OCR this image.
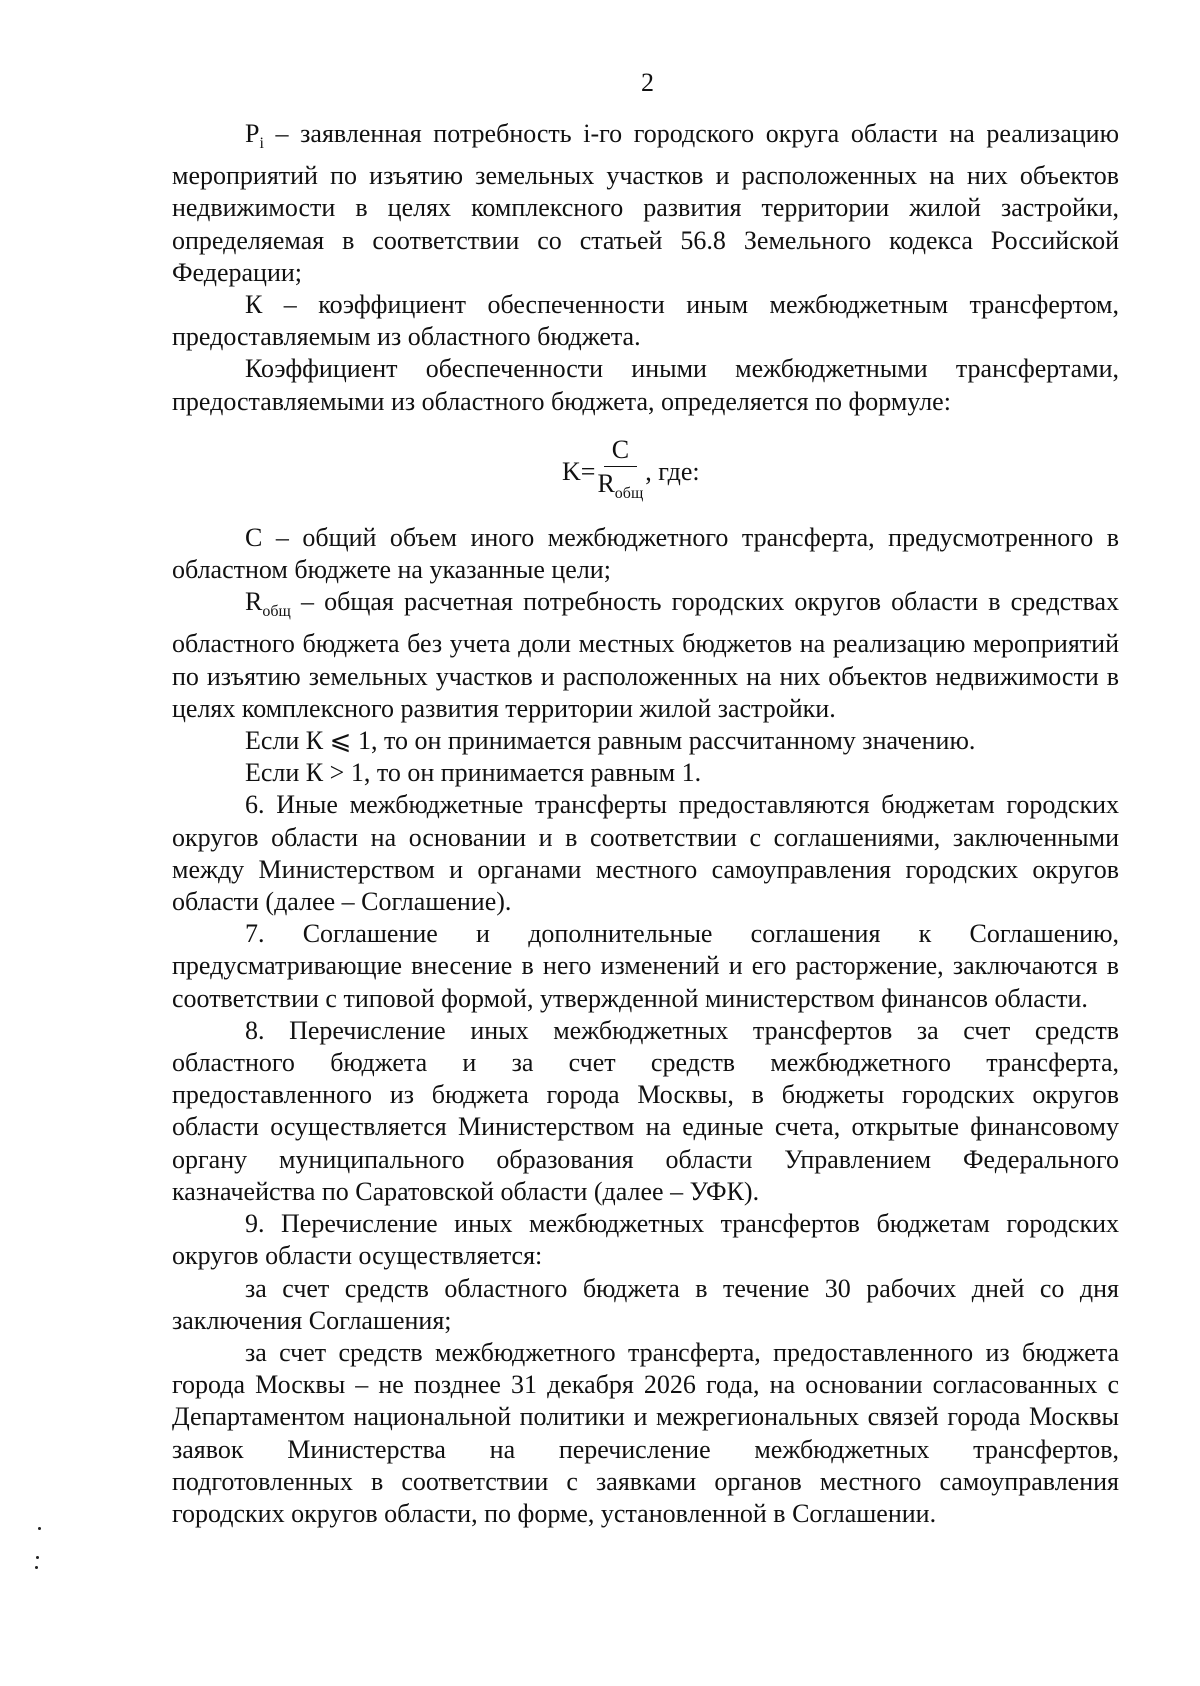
2

$P_i$ – заявленная потребность i-го городского округа области на реализацию мероприятий по изъятию земельных участков и расположенных на них объектов недвижимости в целях комплексного развития территории жилой застройки, определяемая в соответствии со статьей 56.8 Земельного кодекса Российской Федерации;

К – коэффициент обеспеченности иным межбюджетным трансфертом, предоставляемым из областного бюджета.

Коэффициент обеспеченности иными межбюджетными трансфертами, предоставляемыми из областного бюджета, определяется по формуле:

$K= \frac{C}{R_{общ}}$ , где:

С – общий объем иного межбюджетного трансферта, предусмотренного в областном бюджете на указанные цели;

$R_{общ}$ – общая расчетная потребность городских округов области в средствах областного бюджета без учета доли местных бюджетов на реализацию мероприятий по изъятию земельных участков и расположенных на них объектов недвижимости в целях комплексного развития территории жилой застройки.

Если К ⩽ 1, то он принимается равным рассчитанному значению.

Если К > 1, то он принимается равным 1.

6. Иные межбюджетные трансферты предоставляются бюджетам городских округов области на основании и в соответствии с соглашениями, заключенными между Министерством и органами местного самоуправления городских округов области (далее – Соглашение).

7. Соглашение и дополнительные соглашения к Соглашению, предусматривающие внесение в него изменений и его расторжение, заключаются в соответствии с типовой формой, утвержденной министерством финансов области.

8. Перечисление иных межбюджетных трансфертов за счет средств областного бюджета и за счет средств межбюджетного трансферта, предоставленного из бюджета города Москвы, в бюджеты городских округов области осуществляется Министерством на единые счета, открытые финансовому органу муниципального образования области Управлением Федерального казначейства по Саратовской области (далее – УФК).

9. Перечисление иных межбюджетных трансфертов бюджетам городских округов области осуществляется:

за счет средств областного бюджета в течение 30 рабочих дней со дня заключения Соглашения;

за счет средств межбюджетного трансферта, предоставленного из бюджета города Москвы – не позднее 31 декабря 2026 года, на основании согласованных с Департаментом национальной политики и межрегиональных связей города Москвы заявок Министерства на перечисление межбюджетных трансфертов, подготовленных в соответствии с заявками органов местного самоуправления городских округов области, по форме, установленной в Соглашении.
